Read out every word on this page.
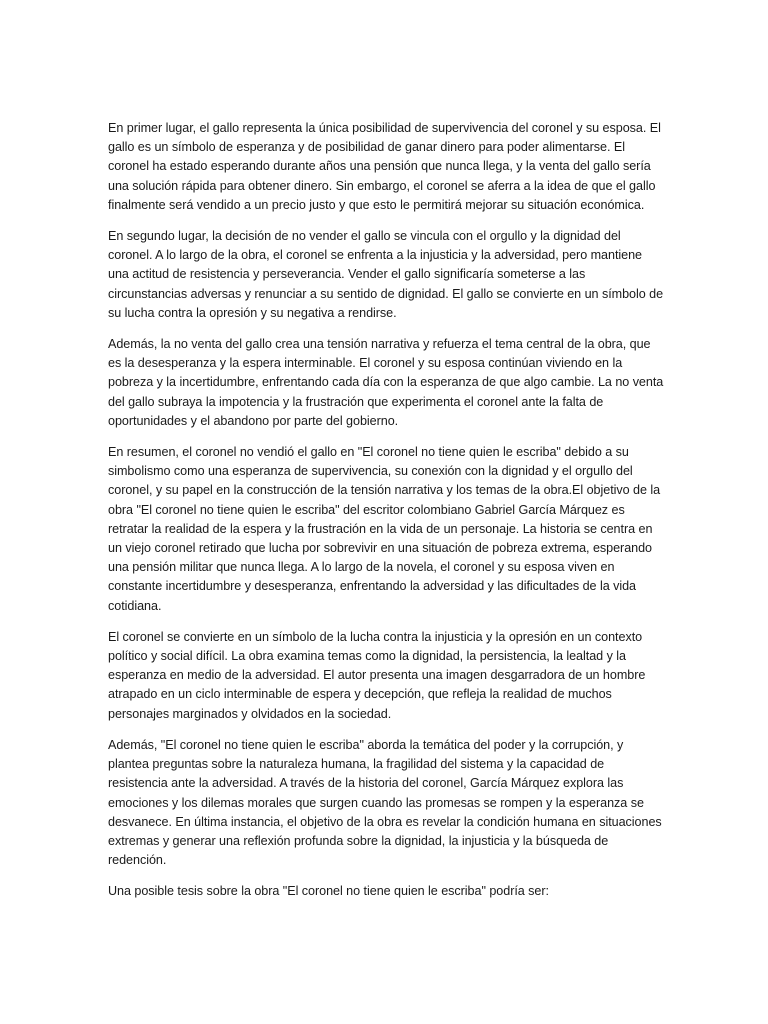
En primer lugar, el gallo representa la única posibilidad de supervivencia del coronel y su esposa. El gallo es un símbolo de esperanza y de posibilidad de ganar dinero para poder alimentarse. El coronel ha estado esperando durante años una pensión que nunca llega, y la venta del gallo sería una solución rápida para obtener dinero. Sin embargo, el coronel se aferra a la idea de que el gallo finalmente será vendido a un precio justo y que esto le permitirá mejorar su situación económica.

En segundo lugar, la decisión de no vender el gallo se vincula con el orgullo y la dignidad del coronel. A lo largo de la obra, el coronel se enfrenta a la injusticia y la adversidad, pero mantiene una actitud de resistencia y perseverancia. Vender el gallo significaría someterse a las circunstancias adversas y renunciar a su sentido de dignidad. El gallo se convierte en un símbolo de su lucha contra la opresión y su negativa a rendirse.

Además, la no venta del gallo crea una tensión narrativa y refuerza el tema central de la obra, que es la desesperanza y la espera interminable. El coronel y su esposa continúan viviendo en la pobreza y la incertidumbre, enfrentando cada día con la esperanza de que algo cambie. La no venta del gallo subraya la impotencia y la frustración que experimenta el coronel ante la falta de oportunidades y el abandono por parte del gobierno.

En resumen, el coronel no vendió el gallo en "El coronel no tiene quien le escriba" debido a su simbolismo como una esperanza de supervivencia, su conexión con la dignidad y el orgullo del coronel, y su papel en la construcción de la tensión narrativa y los temas de la obra.El objetivo de la obra "El coronel no tiene quien le escriba" del escritor colombiano Gabriel García Márquez es retratar la realidad de la espera y la frustración en la vida de un personaje. La historia se centra en un viejo coronel retirado que lucha por sobrevivir en una situación de pobreza extrema, esperando una pensión militar que nunca llega. A lo largo de la novela, el coronel y su esposa viven en constante incertidumbre y desesperanza, enfrentando la adversidad y las dificultades de la vida cotidiana.

El coronel se convierte en un símbolo de la lucha contra la injusticia y la opresión en un contexto político y social difícil. La obra examina temas como la dignidad, la persistencia, la lealtad y la esperanza en medio de la adversidad. El autor presenta una imagen desgarradora de un hombre atrapado en un ciclo interminable de espera y decepción, que refleja la realidad de muchos personajes marginados y olvidados en la sociedad.

Además, "El coronel no tiene quien le escriba" aborda la temática del poder y la corrupción, y plantea preguntas sobre la naturaleza humana, la fragilidad del sistema y la capacidad de resistencia ante la adversidad. A través de la historia del coronel, García Márquez explora las emociones y los dilemas morales que surgen cuando las promesas se rompen y la esperanza se desvanece. En última instancia, el objetivo de la obra es revelar la condición humana en situaciones extremas y generar una reflexión profunda sobre la dignidad, la injusticia y la búsqueda de redención.

Una posible tesis sobre la obra "El coronel no tiene quien le escriba" podría ser:
